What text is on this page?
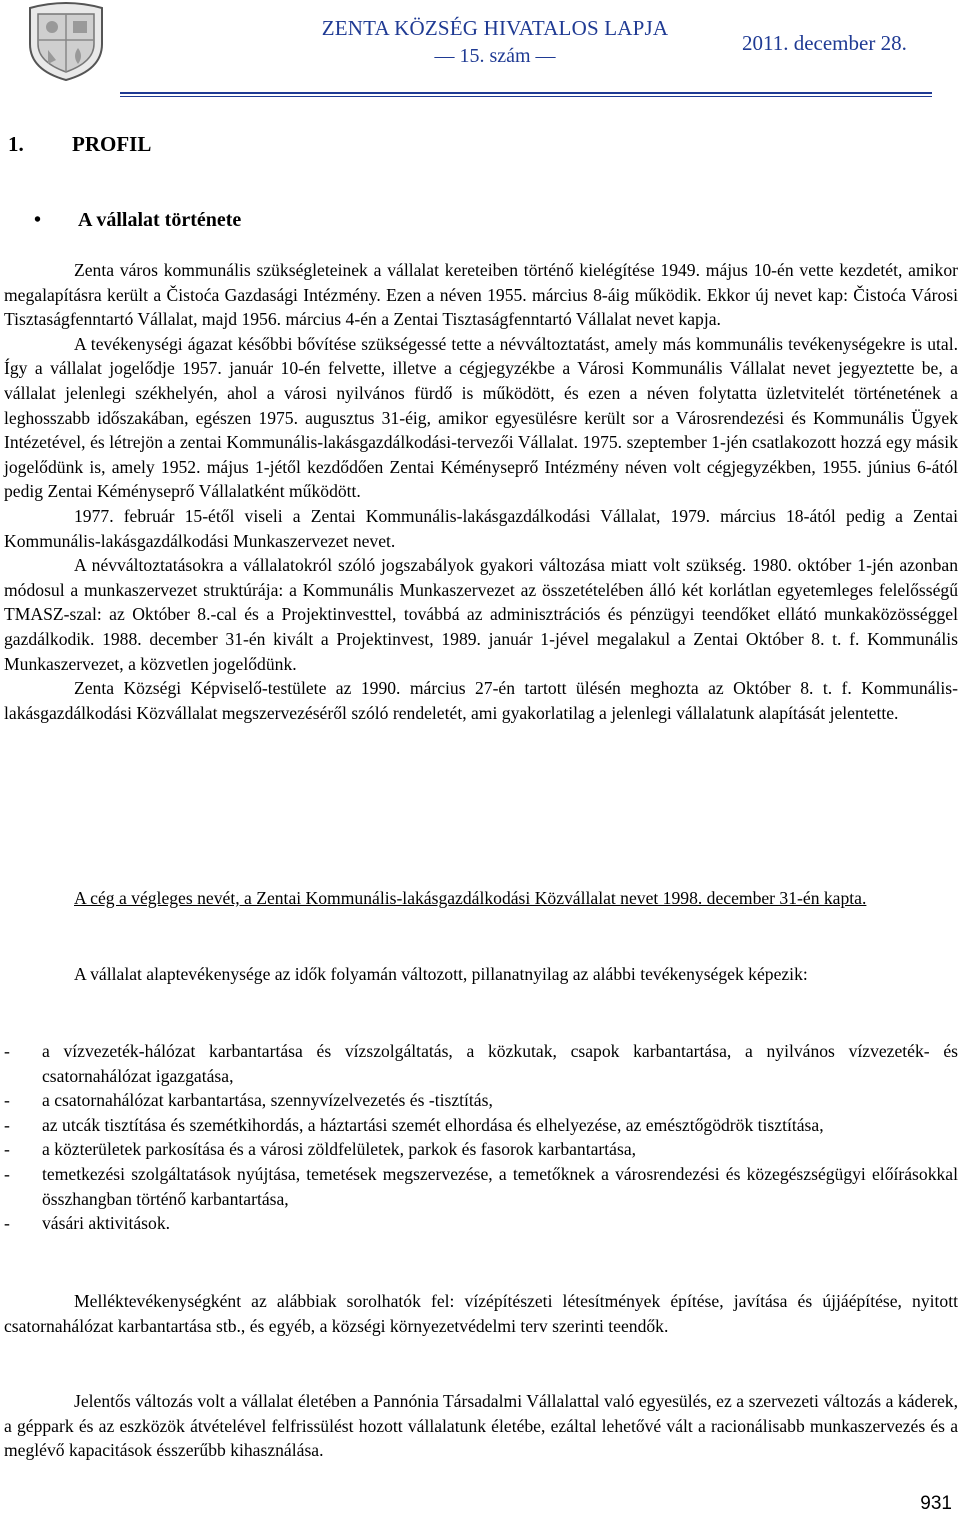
ZENTA KÖZSÉG HIVATALOS LAPJA
— 15. szám —
2011. december 28.
1. PROFIL
• A vállalat története

Zenta város kommunális szükségleteinek a vállalat kereteiben történő kielégítése 1949. május 10-én vette kezdetét, amikor megalapításra került a Čistoća Gazdasági Intézmény. Ezen a néven 1955. március 8-áig működik. Ekkor új nevet kap: Čistoća Városi Tisztaságfenntartó Vállalat, majd 1956. március 4-én a Zentai Tisztaságfenntartó Vállalat nevet kapja.

A tevékenységi ágazat későbbi bővítése szükségessé tette a névváltoztatást, amely más kommunális tevékenységekre is utal. Így a vállalat jogelődje 1957. január 10-én felvette, illetve a cégjegyzékbe a Városi Kommunális Vállalat nevet jegyeztette be, a vállalat jelenlegi székhelyén, ahol a városi nyilvános fürdő is működött, és ezen a néven folytatta üzletvitelét történetének a leghosszabb időszakában, egészen 1975. augusztus 31-éig, amikor egyesülésre került sor a Városrendezési és Kommunális Ügyek Intézetével, és létrejön a zentai Kommunális-lakásgazdálkodási-tervezői Vállalat. 1975. szeptember 1-jén csatlakozott hozzá egy másik jogelődünk is, amely 1952. május 1-jétől kezdődően Zentai Kéményseprő Intézmény néven volt cégjegyzékben, 1955. június 6-ától pedig Zentai Kéményseprő Vállalatként működött.

1977. február 15-étől viseli a Zentai Kommunális-lakásgazdálkodási Vállalat, 1979. március 18-ától pedig a Zentai Kommunális-lakásgazdálkodási Munkaszervezet nevet.

A névváltoztatásokra a vállalatokról szóló jogszabályok gyakori változása miatt volt szükség. 1980. október 1-jén azonban módosul a munkaszervezet struktúrája: a Kommunális Munkaszervezet az összetételében álló két korlátlan egyetemleges felelősségű TMASZ-szal: az Október 8.-cal és a Projektinvesttel, továbbá az adminisztrációs és pénzügyi teendőket ellátó munkaközösséggel gazdálkodik. 1988. december 31-én kivált a Projektinvest, 1989. január 1-jével megalakul a Zentai Október 8. t. f. Kommunális Munkaszervezet, a közvetlen jogelődünk.

Zenta Községi Képviselő-testülete az 1990. március 27-én tartott ülésén meghozta az Október 8. t. f. Kommunális-lakásgazdálkodási Közvállalat megszervezéséről szóló rendeletét, ami gyakorlatilag a jelenlegi vállalatunk alapítását jelentette.

A cég a végleges nevét, a Zentai Kommunális-lakásgazdálkodási Közvállalat nevet 1998. december 31-én kapta.

A vállalat alaptevékenysége az idők folyamán változott, pillanatnyilag az alábbi tevékenységek képezik:

- a vízvezeték-hálózat karbantartása és vízszolgáltatás, a közkutak, csapok karbantartása, a nyilvános vízvezeték- és csatornahálózat igazgatása,
- a csatornahálózat karbantartása, szennyvízelvezetés és -tisztítás,
- az utcák tisztítása és szemétkihordás, a háztartási szemét elhordása és elhelyezése, az emésztőgödrök tisztítása,
- a közterületek parkosítása és a városi zöldfelületek, parkok és fasorok karbantartása,
- temetkezési szolgáltatások nyújtása, temetések megszervezése, a temetőknek a városrendezési és közegészségügyi előírásokkal összhangban történő karbantartása,
- vásári aktivitások.

Melléktevékenységként az alábbiak sorolhatók fel: vízépítészeti létesítmények építése, javítása és újjáépítése, nyitott csatornahálózat karbantartása stb., és egyéb, a községi környezetvédelmi terv szerinti teendők.

Jelentős változás volt a vállalat életében a Pannónia Társadalmi Vállalattal való egyesülés, ez a szervezeti változás a káderek, a géppark és az eszközök átvételével felfrissülést hozott vállalatunk életébe, ezáltal lehetővé vált a racionálisabb munkaszervezés és a meglévő kapacitások ésszerűbb kihasználása.

931
